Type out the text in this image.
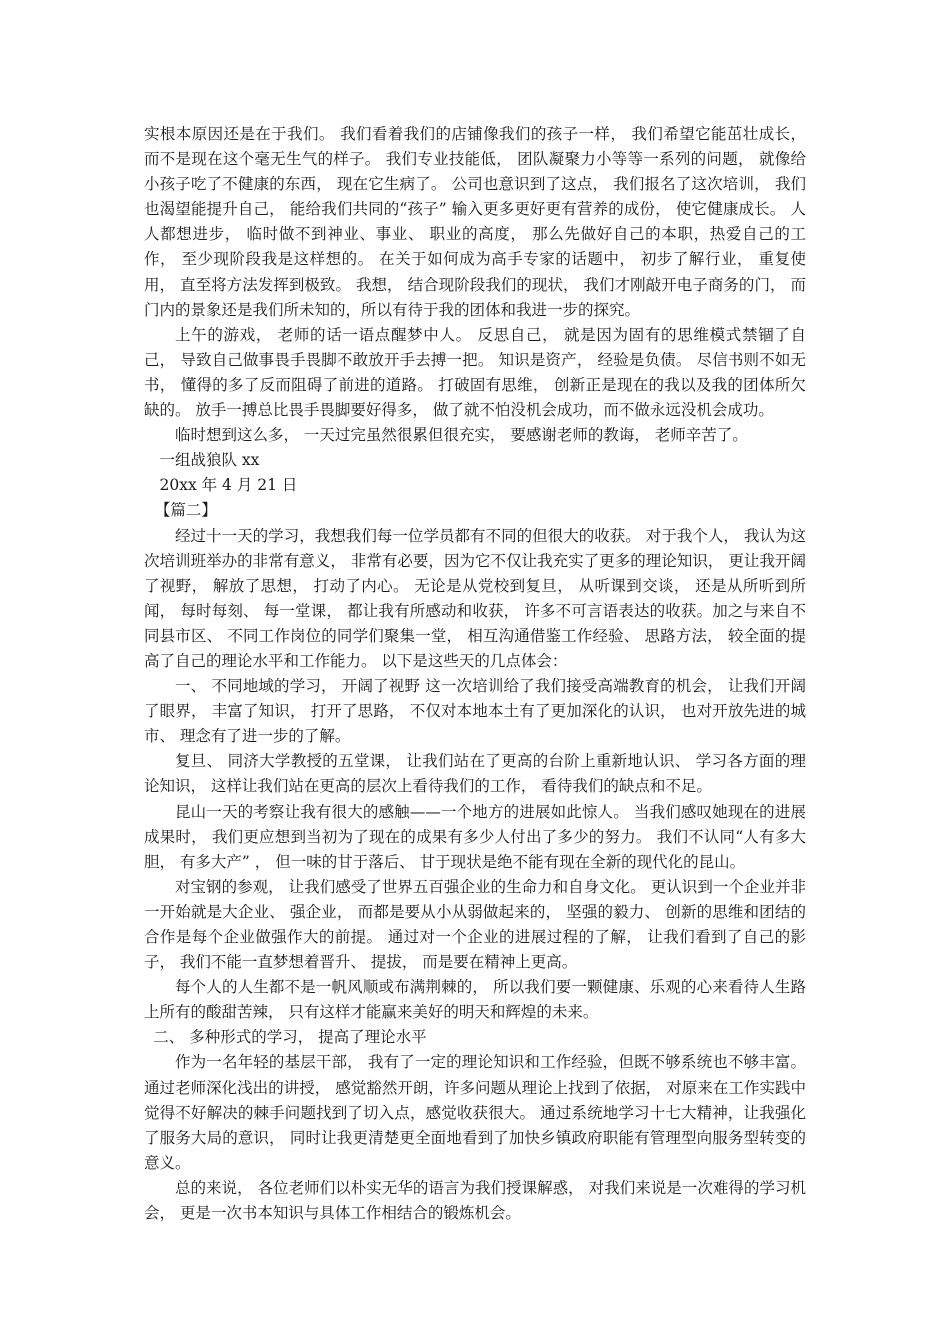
实根本原因还是在于我们。 我们看着我们的店铺像我们的孩子一样， 我们希望它能茁壮成长， 而不是现在这个毫无生气的样子。 我们专业技能低， 团队凝聚力小等等一系列的问题， 就像给小孩子吃了不健康的东西， 现在它生病了。 公司也意识到了这点， 我们报名了这次培训， 我们也渴望能提升自己， 能给我们共同的“孩子” 输入更多更好更有营养的成份， 使它健康成长。 人人都想进步， 临时做不到神业、事业、 职业的高度， 那么先做好自己的本职，热爱自己的工作， 至少现阶段我是这样想的。 在关于如何成为高手专家的话题中， 初步了解行业， 重复使用， 直至将方法发挥到极致。 我想， 结合现阶段我们的现状， 我们才刚敲开电子商务的门， 而门内的景象还是我们所未知的，所以有待于我的团体和我进一步的探究。

上午的游戏， 老师的话一语点醒梦中人。 反思自己， 就是因为固有的思维模式禁锢了自己， 导致自己做事畏手畏脚不敢放开手去搏一把。 知识是资产， 经验是负债。 尽信书则不如无书， 懂得的多了反而阻碍了前进的道路。 打破固有思维， 创新正是现在的我以及我的团体所欠缺的。 放手一搏总比畏手畏脚要好得多， 做了就不怕没机会成功，而不做永远没机会成功。

临时想到这么多， 一天过完虽然很累但很充实， 要感谢老师的教诲， 老师辛苦了。

一组战狼队 xx

20xx 年 4 月 21 日

【篇二】

经过十一天的学习，我想我们每一位学员都有不同的但很大的收获。 对于我个人， 我认为这次培训班举办的非常有意义， 非常有必要，因为它不仅让我充实了更多的理论知识， 更让我开阔了视野， 解放了思想， 打动了内心。 无论是从党校到复旦， 从听课到交谈， 还是从所听到所闻， 每时每刻、 每一堂课， 都让我有所感动和收获， 许多不可言语表达的收获。加之与来自不同县市区、 不同工作岗位的同学们聚集一堂， 相互沟通借鉴工作经验、 思路方法， 较全面的提高了自己的理论水平和工作能力。 以下是这些天的几点体会：

一、 不同地域的学习， 开阔了视野 这一次培训给了我们接受高端教育的机会， 让我们开阔了眼界， 丰富了知识， 打开了思路， 不仅对本地本土有了更加深化的认识， 也对开放先进的城市、 理念有了进一步的了解。

复旦、 同济大学教授的五堂课， 让我们站在了更高的台阶上重新地认识、 学习各方面的理论知识， 这样让我们站在更高的层次上看待我们的工作， 看待我们的缺点和不足。

昆山一天的考察让我有很大的感触——一个地方的进展如此惊人。 当我们感叹她现在的进展成果时， 我们更应想到当初为了现在的成果有多少人付出了多少的努力。 我们不认同“人有多大胆， 有多大产” ， 但一味的甘于落后、 甘于现状是绝不能有现在全新的现代化的昆山。

对宝钢的参观， 让我们感受了世界五百强企业的生命力和自身文化。 更认识到一个企业并非一开始就是大企业、 强企业， 而都是要从小从弱做起来的， 坚强的毅力、 创新的思维和团结的合作是每个企业做强作大的前提。 通过对一个企业的进展过程的了解， 让我们看到了自己的影子， 我们不能一直梦想着晋升、 提拔， 而是要在精神上更高。

每个人的人生都不是一帆风顺或布满荆棘的， 所以我们要一颗健康、乐观的心来看待人生路上所有的酸甜苦辣， 只有这样才能赢来美好的明天和辉煌的未来。

二、 多种形式的学习， 提高了理论水平

作为一名年轻的基层干部， 我有了一定的理论知识和工作经验，但既不够系统也不够丰富。通过老师深化浅出的讲授， 感觉豁然开朗，许多问题从理论上找到了依据， 对原来在工作实践中觉得不好解决的棘手问题找到了切入点，感觉收获很大。 通过系统地学习十七大精神，让我强化了服务大局的意识， 同时让我更清楚更全面地看到了加快乡镇政府职能有管理型向服务型转变的意义。

总的来说， 各位老师们以朴实无华的语言为我们授课解惑， 对我们来说是一次难得的学习机会， 更是一次书本知识与具体工作相结合的锻炼机会。
